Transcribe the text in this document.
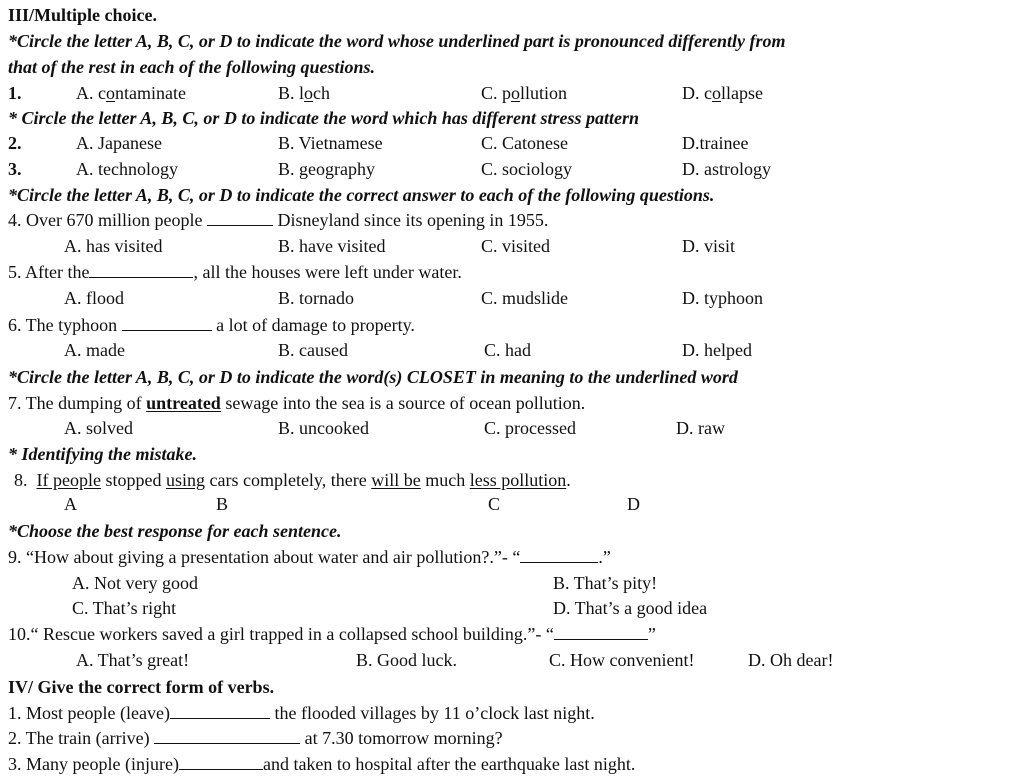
III/Multiple choice.
*Circle the letter A, B, C, or D to indicate the word whose underlined part is pronounced differently from
that of the rest in each of the following questions.
1.	A. contaminate	B. loch	C. pollution	D. collapse
* Circle the letter A, B, C, or D to indicate the word which has different stress pattern
2.	A. Japanese	B. Vietnamese	C. Catonese	D.trainee
3.	A. technology	B. geography	C. sociology	D. astrology
*Circle the letter A, B, C, or D to indicate the correct answer to each of the following questions.
4. Over 670 million people	Disneyland since its opening in 1955.
A. has visited	B. have visited	C. visited	D. visit
5. After the	, all the houses were left under water.
A. flood	B. tornado	C. mudslide	D. typhoon
6. The typhoon	a lot of damage to property.
A. made	B. caused	C. had	D. helped
*Circle the letter A, B, C, or D to indicate the word(s) CLOSET in meaning to the underlined word
7. The dumping of untreated sewage into the sea is a source of ocean pollution.
A. solved	B. uncooked	C. processed	D. raw
* Identifying the mistake.
8. If people stopped using cars completely, there will be much less pollution.
A	B	C	D
*Choose the best response for each sentence.
9. “How about giving a presentation about water and air pollution?.”- “	.”
A. Not very good	B. That’s pity!
C. That’s right	D. That’s a good idea
10.“ Rescue workers saved a girl trapped in a collapsed school building.”- “	”
A. That’s great!	B. Good luck.	C. How convenient!	D. Oh dear!
IV/ Give the correct form of verbs.
1. Most people (leave)	the flooded villages by 11 o’clock last night.
2. The train (arrive)	at 7.30 tomorrow morning?
3. Many people (injure)	and taken to hospital after the earthquake last night.
